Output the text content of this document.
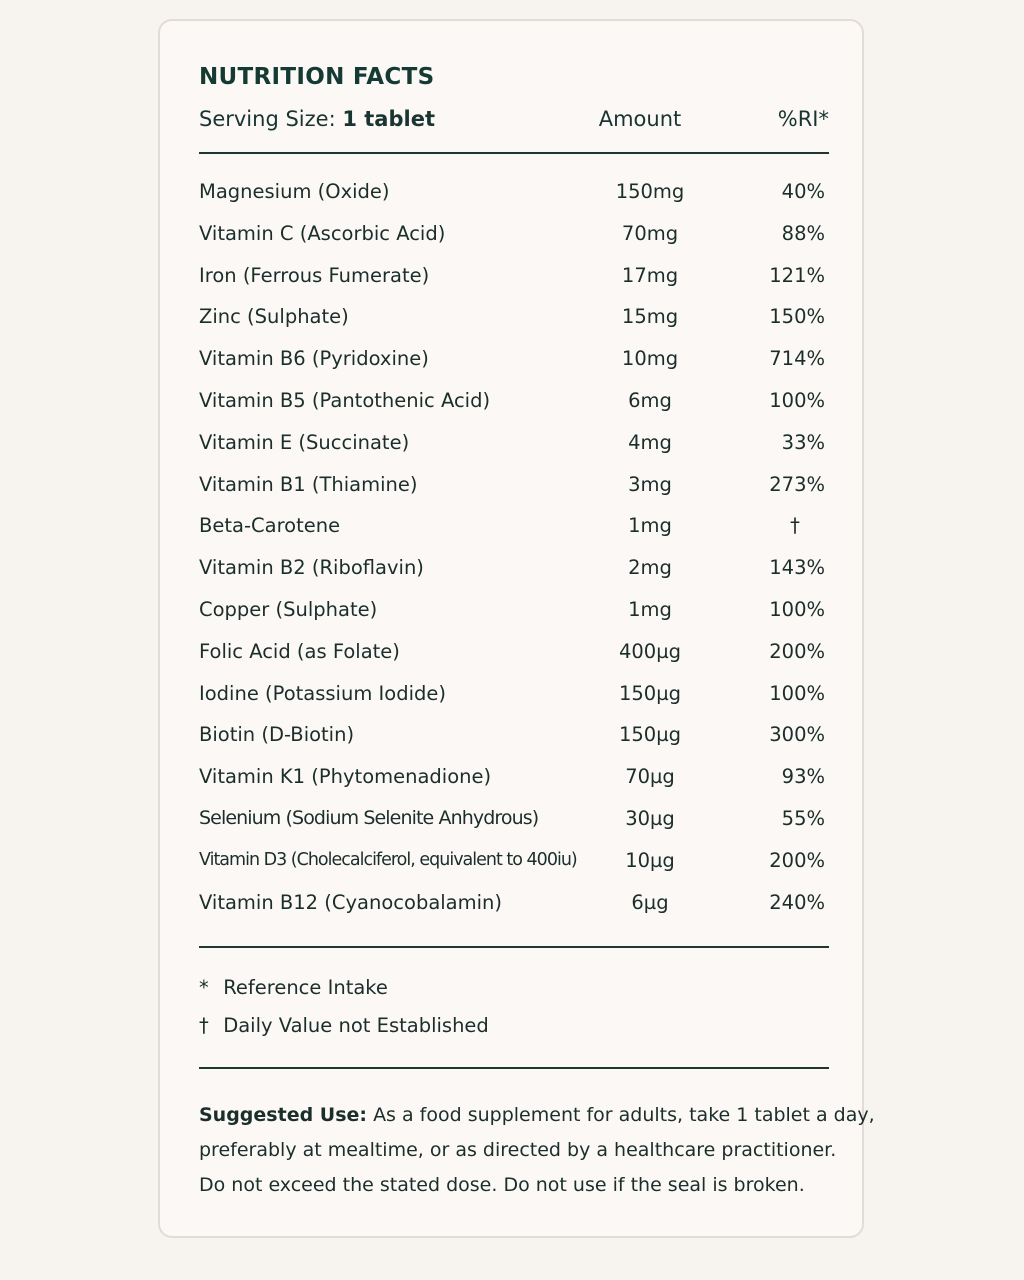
NUTRITION FACTS
Serving Size: 1 tablet	Amount	%RI*
Magnesium (Oxide)	150mg	40%
Vitamin C (Ascorbic Acid)	70mg	88%
Iron (Ferrous Fumerate)	17mg	121%
Zinc (Sulphate)	15mg	150%
Vitamin B6 (Pyridoxine)	10mg	714%
Vitamin B5 (Pantothenic Acid)	6mg	100%
Vitamin E (Succinate)	4mg	33%
Vitamin B1 (Thiamine)	3mg	273%
Beta-Carotene	1mg	†
Vitamin B2 (Riboflavin)	2mg	143%
Copper (Sulphate)	1mg	100%
Folic Acid (as Folate)	400µg	200%
Iodine (Potassium Iodide)	150µg	100%
Biotin (D-Biotin)	150µg	300%
Vitamin K1 (Phytomenadione)	70µg	93%
Selenium (Sodium Selenite Anhydrous)	30µg	55%
Vitamin D3 (Cholecalciferol, equivalent to 400iu)	10µg	200%
Vitamin B12 (Cyanocobalamin)	6µg	240%
* Reference Intake
† Daily Value not Established
Suggested Use: As a food supplement for adults, take 1 tablet a day,
preferably at mealtime, or as directed by a healthcare practitioner.
Do not exceed the stated dose. Do not use if the seal is broken.
